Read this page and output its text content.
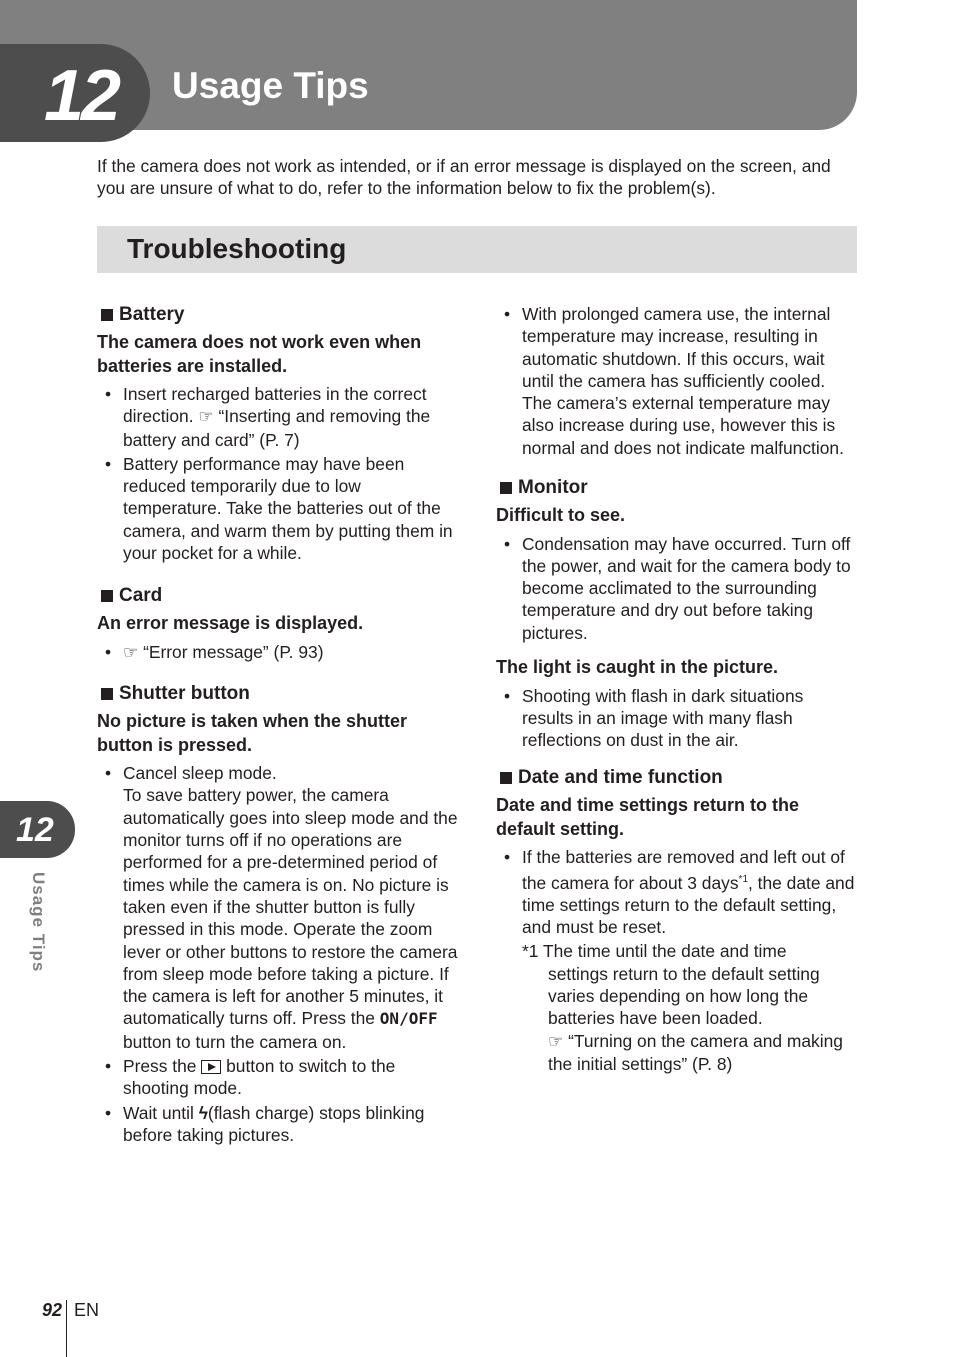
12 Usage Tips
If the camera does not work as intended, or if an error message is displayed on the screen, and you are unsure of what to do, refer to the information below to fix the problem(s).
Troubleshooting
Battery

The camera does not work even when batteries are installed.

• Insert recharged batteries in the correct direction. ☞ “Inserting and removing the battery and card” (P. 7)
• Battery performance may have been reduced temporarily due to low temperature. Take the batteries out of the camera, and warm them by putting them in your pocket for a while.
Card

An error message is displayed.

• ☞ “Error message” (P. 93)
Shutter button

No picture is taken when the shutter button is pressed.

• Cancel sleep mode.
To save battery power, the camera automatically goes into sleep mode and the monitor turns off if no operations are performed for a pre-determined period of times while the camera is on. No picture is taken even if the shutter button is fully pressed in this mode. Operate the zoom lever or other buttons to restore the camera from sleep mode before taking a picture. If the camera is left for another 5 minutes, it automatically turns off. Press the ON/OFF button to turn the camera on.
• Press the  button to switch to the shooting mode.
• Wait until ϟ(flash charge) stops blinking before taking pictures.
• With prolonged camera use, the internal temperature may increase, resulting in automatic shutdown. If this occurs, wait until the camera has sufficiently cooled. The camera’s external temperature may also increase during use, however this is normal and does not indicate malfunction.
Monitor

Difficult to see.

• Condensation may have occurred. Turn off the power, and wait for the camera body to become acclimated to the surrounding temperature and dry out before taking pictures.

The light is caught in the picture.

• Shooting with flash in dark situations results in an image with many flash reflections on dust in the air.
Date and time function

Date and time settings return to the default setting.

• If the batteries are removed and left out of the camera for about 3 days$^{*1}$, the date and time settings return to the default setting, and must be reset.
*1 The time until the date and time
settings return to the default setting varies depending on how long the batteries have been loaded.
☞ “Turning on the camera and making the initial settings” (P. 8)
12
Usage Tips
92 EN
